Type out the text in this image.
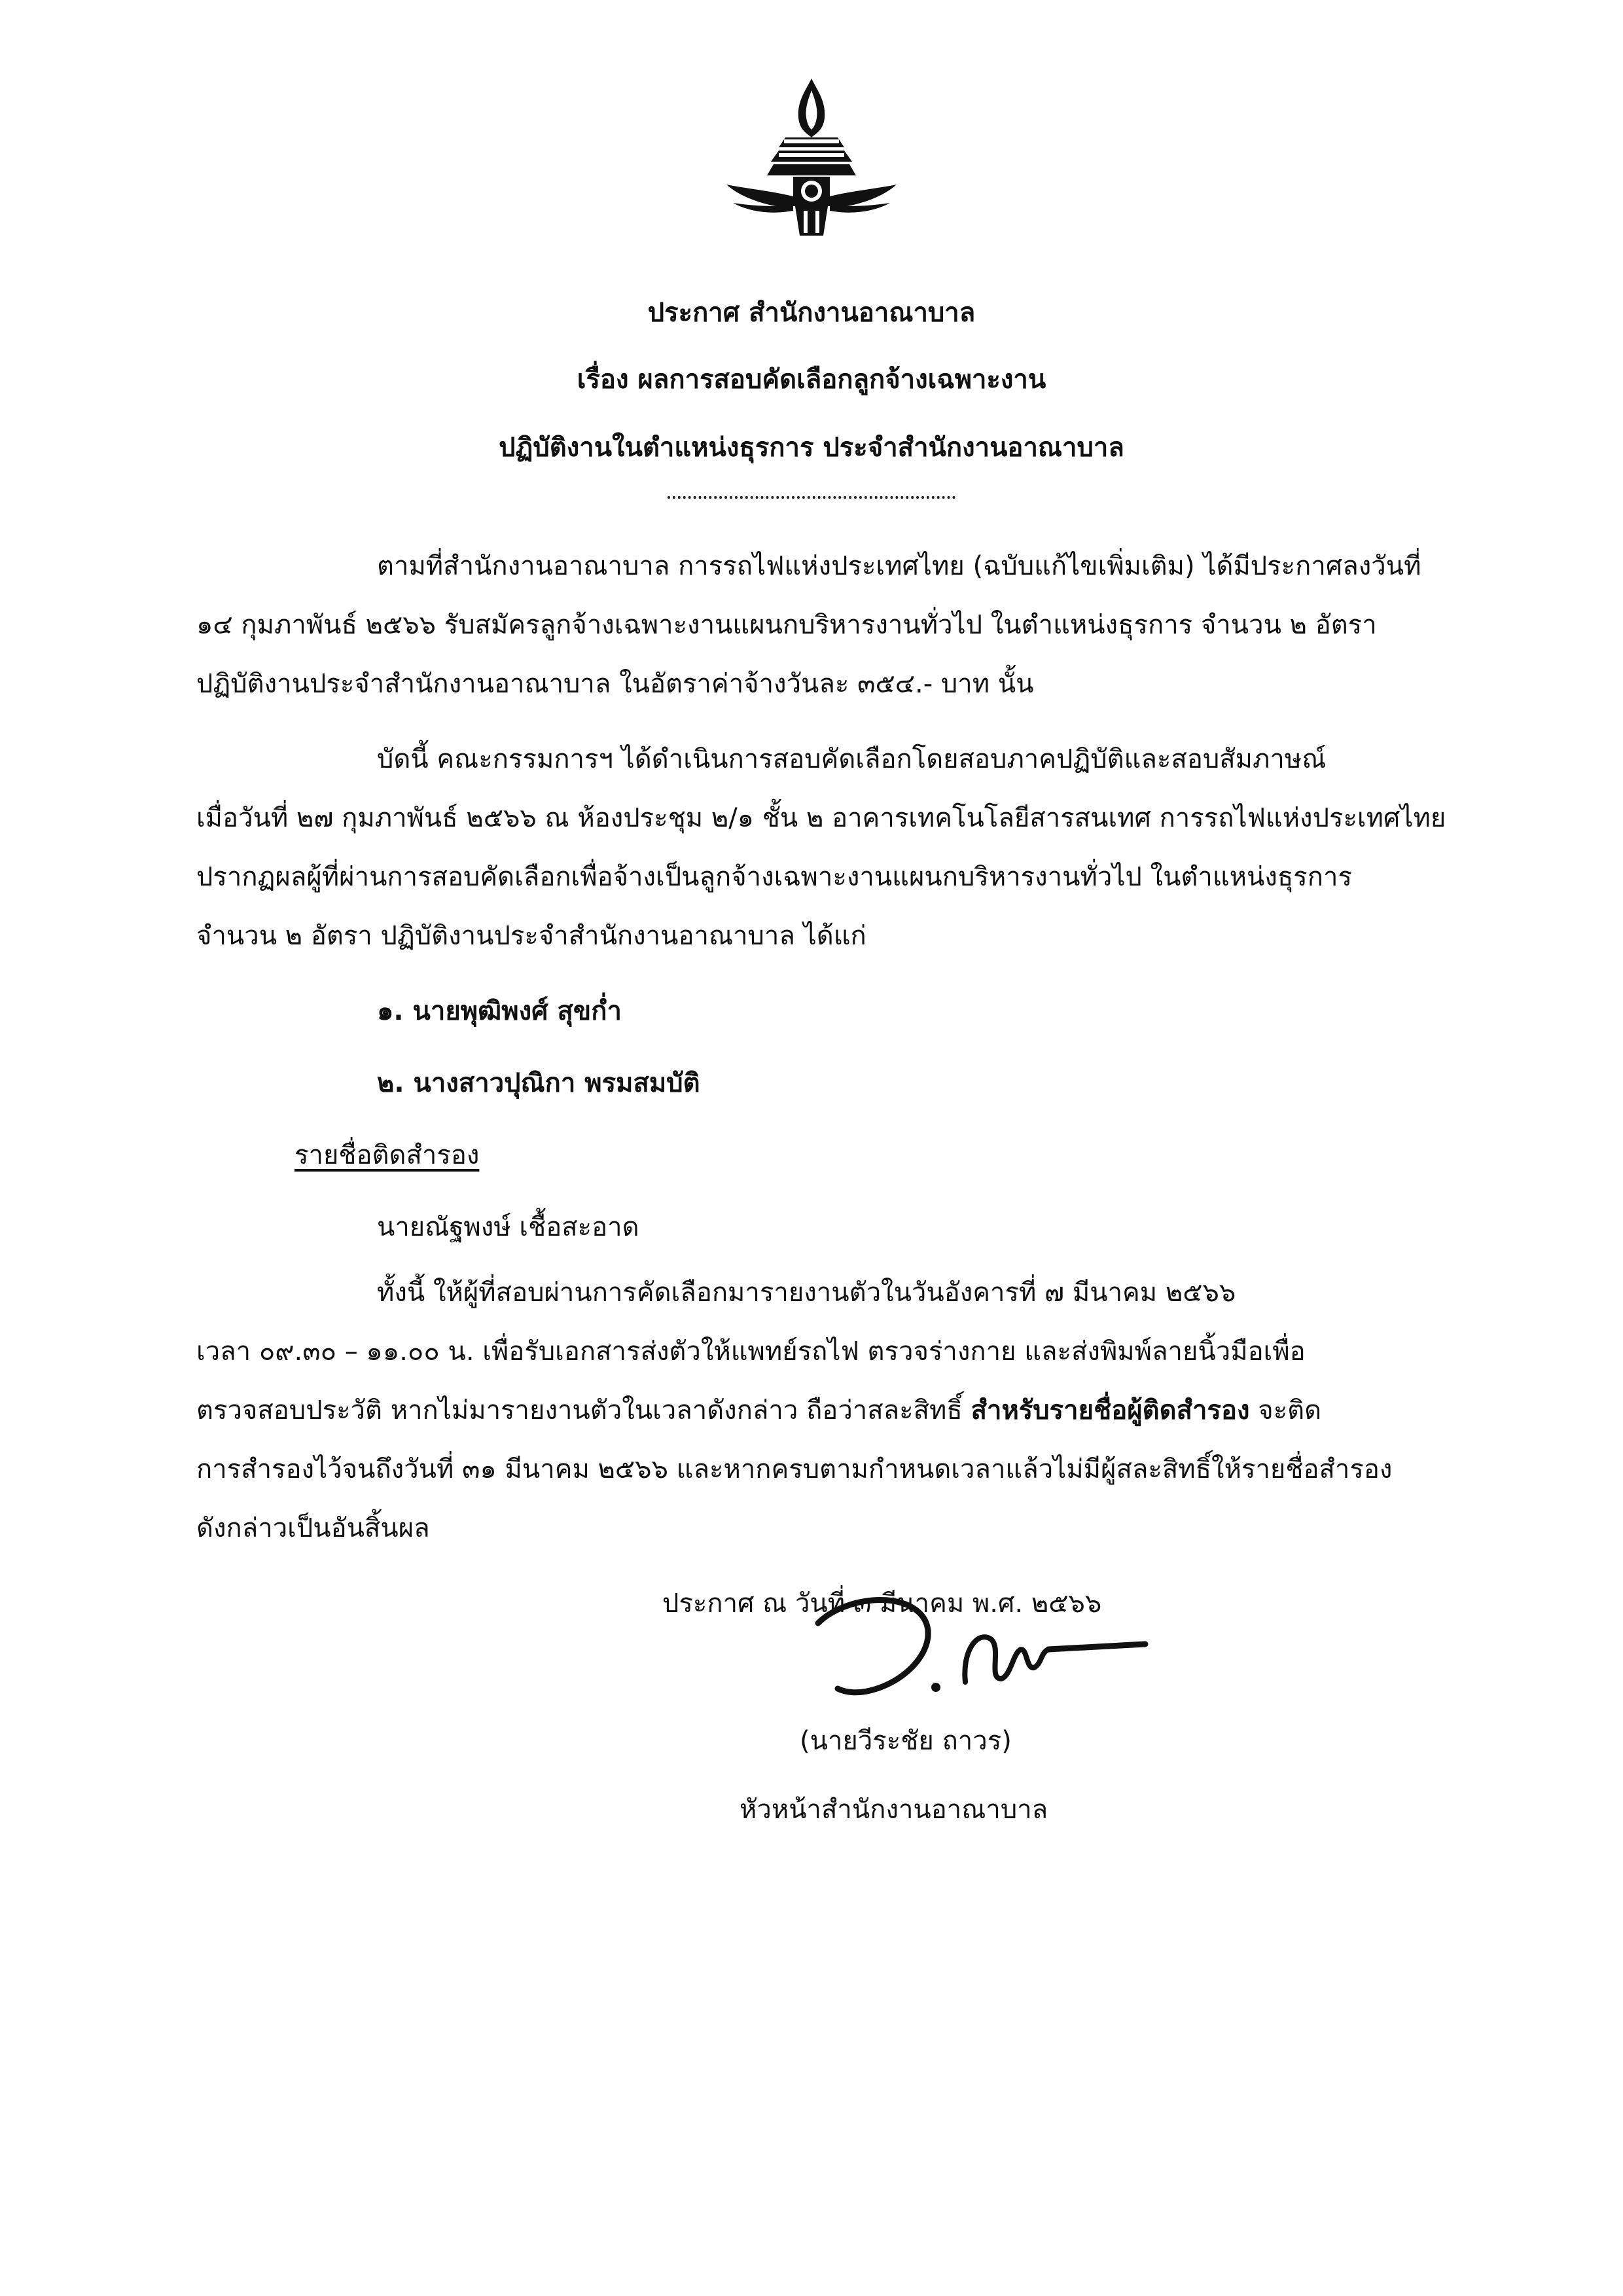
ประกาศ สำนักงานอาณาบาล
เรื่อง ผลการสอบคัดเลือกลูกจ้างเฉพาะงาน
ปฏิบัติงานในตำแหน่งธุรการ ประจำสำนักงานอาณาบาล
ตามที่สำนักงานอาณาบาล การรถไฟแห่งประเทศไทย (ฉบับแก้ไขเพิ่มเติม) ได้มีประกาศลงวันที่
๑๔ กุมภาพันธ์ ๒๕๖๖ รับสมัครลูกจ้างเฉพาะงานแผนกบริหารงานทั่วไป ในตำแหน่งธุรการ จำนวน ๒ อัตรา
ปฏิบัติงานประจำสำนักงานอาณาบาล ในอัตราค่าจ้างวันละ ๓๕๔.- บาท นั้น
บัดนี้ คณะกรรมการฯ ได้ดำเนินการสอบคัดเลือกโดยสอบภาคปฏิบัติและสอบสัมภาษณ์
เมื่อวันที่ ๒๗ กุมภาพันธ์ ๒๕๖๖ ณ ห้องประชุม ๒/๑ ชั้น ๒ อาคารเทคโนโลยีสารสนเทศ การรถไฟแห่งประเทศไทย
ปรากฏผลผู้ที่ผ่านการสอบคัดเลือกเพื่อจ้างเป็นลูกจ้างเฉพาะงานแผนกบริหารงานทั่วไป ในตำแหน่งธุรการ
จำนวน ๒ อัตรา ปฏิบัติงานประจำสำนักงานอาณาบาล ได้แก่
๑. นายพุฒิพงศ์ สุขก่ำ
๒. นางสาวปุณิกา พรมสมบัติ
รายชื่อติดสำรอง
นายณัฐพงษ์ เชื้อสะอาด
ทั้งนี้ ให้ผู้ที่สอบผ่านการคัดเลือกมารายงานตัวในวันอังคารที่ ๗ มีนาคม ๒๕๖๖
เวลา ๐๙.๓๐ – ๑๑.๐๐ น. เพื่อรับเอกสารส่งตัวให้แพทย์รถไฟ ตรวจร่างกาย และส่งพิมพ์ลายนิ้วมือเพื่อ
ตรวจสอบประวัติ หากไม่มารายงานตัวในเวลาดังกล่าว ถือว่าสละสิทธิ์ สำหรับรายชื่อผู้ติดสำรอง จะติด
การสำรองไว้จนถึงวันที่ ๓๑ มีนาคม ๒๕๖๖ และหากครบตามกำหนดเวลาแล้วไม่มีผู้สละสิทธิ์ให้รายชื่อสำรอง
ดังกล่าวเป็นอันสิ้นผล
ประกาศ ณ วันที่ ๓ มีนาคม พ.ศ. ๒๕๖๖
(นายวีระชัย ถาวร)
หัวหน้าสำนักงานอาณาบาล
